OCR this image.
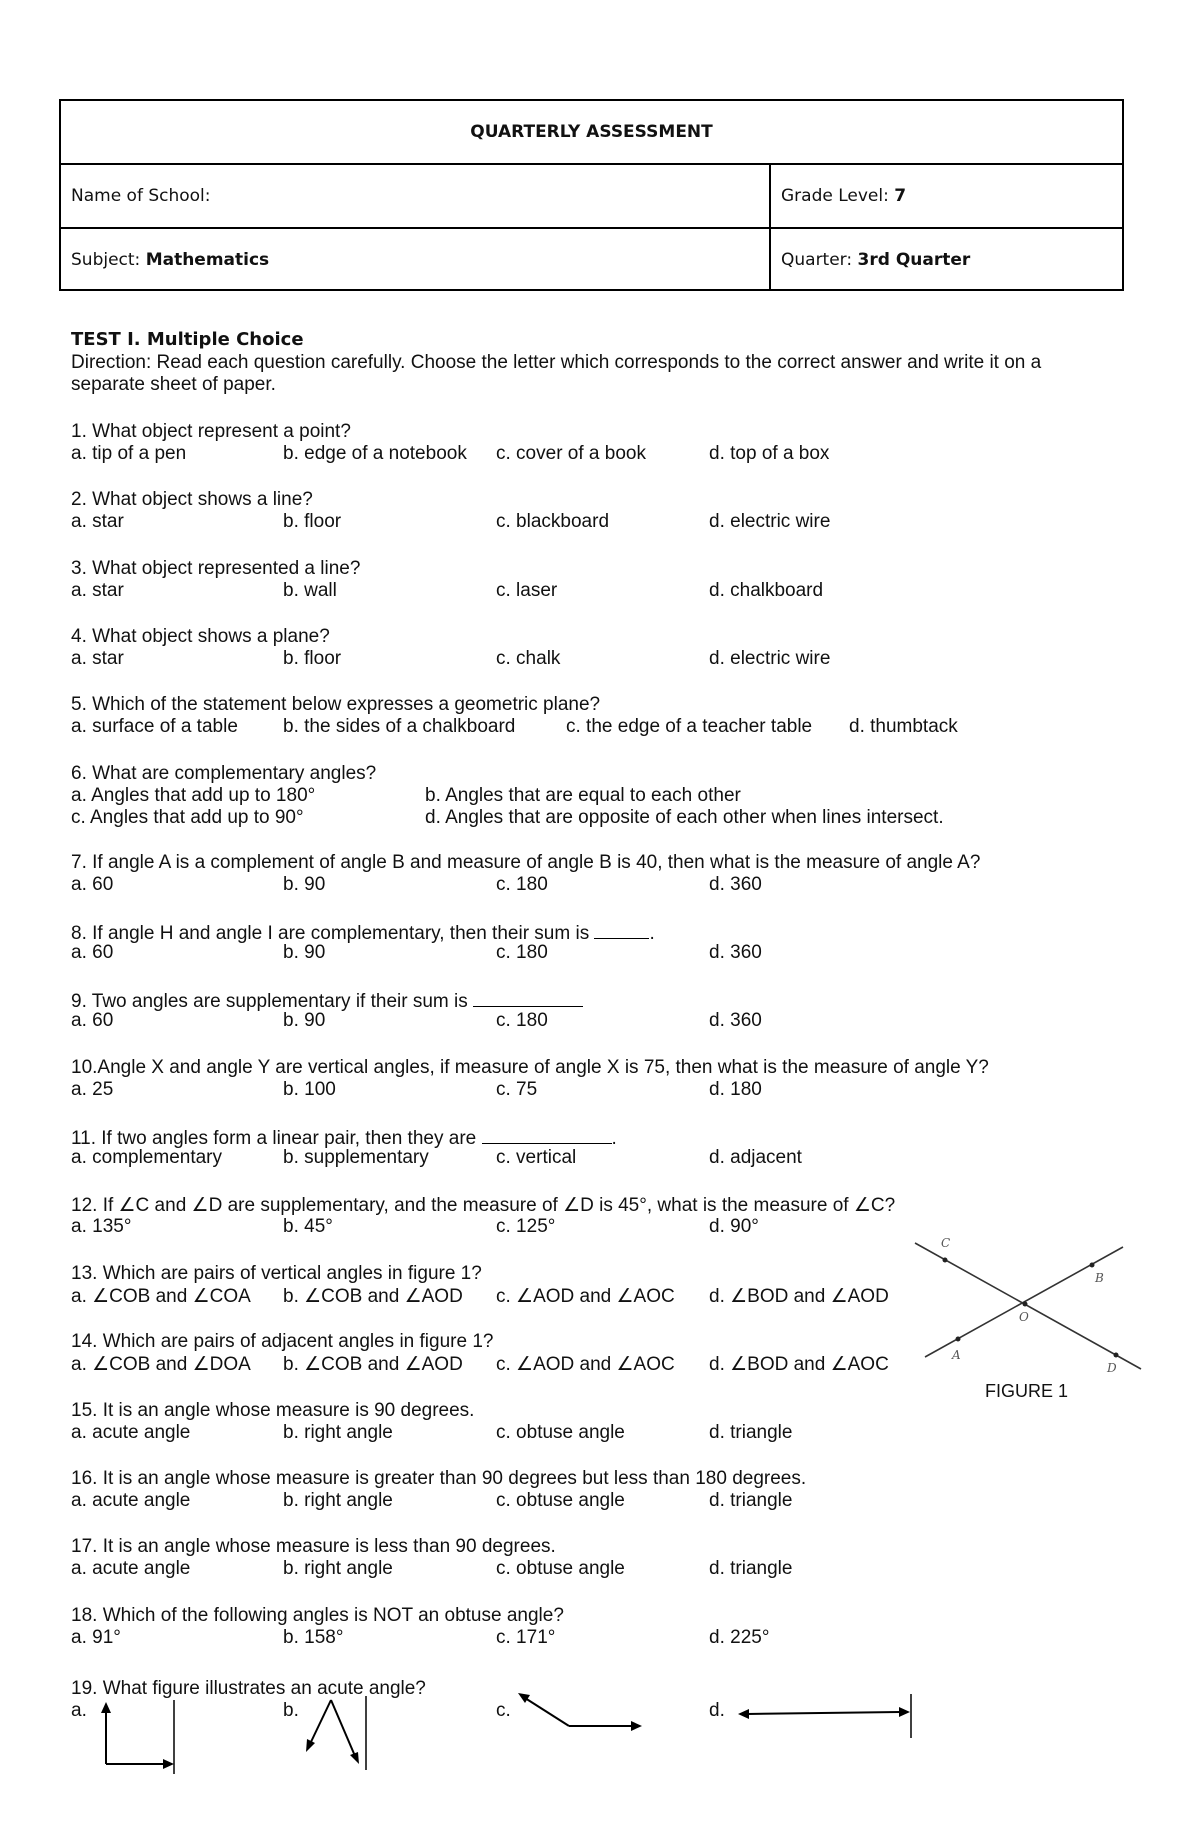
QUARTERLY ASSESSMENT
Name of School:	Grade Level: 7
Subject: Mathematics	Quarter: 3rd Quarter
TEST I. Multiple Choice
Direction: Read each question carefully. Choose the letter which corresponds to the correct answer and write it on a
separate sheet of paper.
1. What object represent a point?
a. tip of a pen	b. edge of a notebook c. cover of a book	d. top of a box
2. What object shows a line?
a. star	b. floor	c. blackboard	d. electric wire
3. What object represented a line?
a. star	b. wall	c. laser	d. chalkboard
4. What object shows a plane?
a. star	b. floor	c. chalk	d. electric wire
5. Which of the statement below expresses a geometric plane?
a. surface of a table b. the sides of a chalkboard	c. the edge of a teacher table d. thumbtack
6. What are complementary angles?
a. Angles that add up to 180°	b. Angles that are equal to each other
c. Angles that add up to 90°	d. Angles that are opposite of each other when lines intersect.
7. If angle A is a complement of angle B and measure of angle B is 40, then what is the measure of angle A?
a. 60	b. 90	c. 180	d. 360
8. If angle H and angle I are complementary, then their sum is	.
a. 60	b. 90	c. 180	d. 360
9. Two angles are supplementary if their sum is
a. 60	b. 90	c. 180	d. 360
10.Angle X and angle Y are vertical angles, if measure of angle X is 75, then what is the measure of angle Y?
a. 25	b. 100	c. 75	d. 180
11. If two angles form a linear pair, then they are	.
a. complementary	b. supplementary	c. vertical	d. adjacent
12. If ∠C and ∠D are supplementary, and the measure of ∠D is 45°, what is the measure of ∠C?
a. 135°	b. 45°	c. 125°	d. 90°
13. Which are pairs of vertical angles in figure 1?
a. ∠COB and ∠COA b. ∠COB and ∠AOD c. ∠AOD and ∠AOC d. ∠BOD and ∠AOD
14. Which are pairs of adjacent angles in figure 1?
a. ∠COB and ∠DOA b. ∠COB and ∠AOD c. ∠AOD and ∠AOC d. ∠BOD and ∠AOC
15. It is an angle whose measure is 90 degrees.
a. acute angle	b. right angle	c. obtuse angle	d. triangle
16. It is an angle whose measure is greater than 90 degrees but less than 180 degrees.
a. acute angle	b. right angle	c. obtuse angle	d. triangle
17. It is an angle whose measure is less than 90 degrees.
a. acute angle	b. right angle	c. obtuse angle	d. triangle
18. Which of the following angles is NOT an obtuse angle?
a. 91°	b. 158°	c. 171°	d. 225°
19. What figure illustrates an acute angle?
a.	b.	c.	d.
C
B
O
A
D
FIGURE 1
